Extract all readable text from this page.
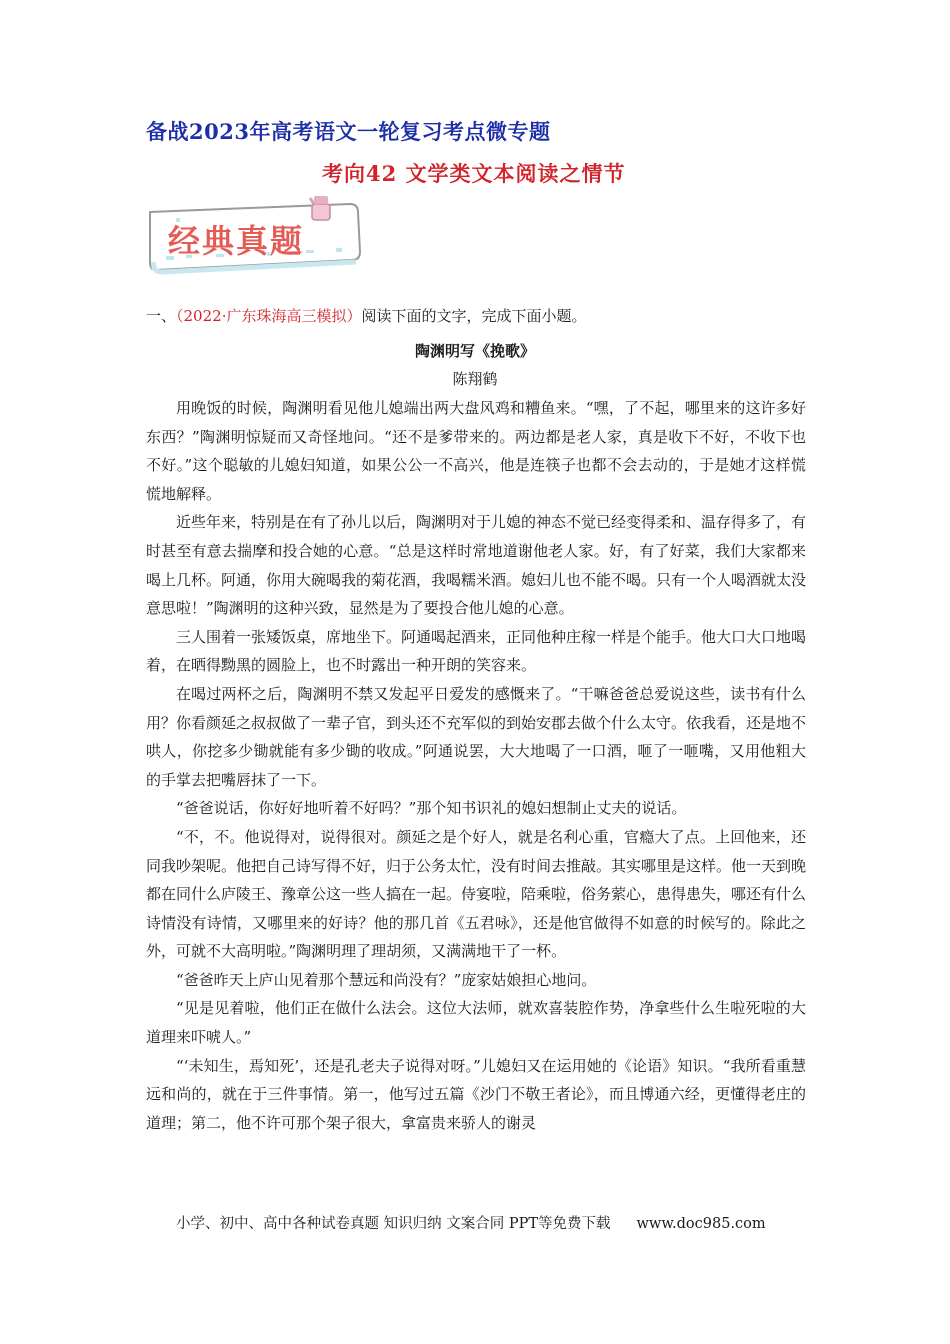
备战2023年高考语文一轮复习考点微专题
考向42 文学类文本阅读之情节
经典真题
一、（2022·广东珠海高三模拟）阅读下面的文字，完成下面小题。
陶渊明写《挽歌》
陈翔鹤

用晚饭的时候，陶渊明看见他儿媳端出两大盘风鸡和糟鱼来。“嘿，了不起，哪里来的这许多好东西？”陶渊明惊疑而又奇怪地问。“还不是爹带来的。两边都是老人家，真是收下不好，不收下也不好。”这个聪敏的儿媳妇知道，如果公公一不高兴，他是连筷子也都不会去动的，于是她才这样慌慌地解释。

近些年来，特别是在有了孙儿以后，陶渊明对于儿媳的神态不觉已经变得柔和、温存得多了，有时甚至有意去揣摩和投合她的心意。“总是这样时常地道谢他老人家。好，有了好菜，我们大家都来喝上几杯。阿通，你用大碗喝我的菊花酒，我喝糯米酒。媳妇儿也不能不喝。只有一个人喝酒就太没意思啦！”陶渊明的这种兴致，显然是为了要投合他儿媳的心意。

三人围着一张矮饭桌，席地坐下。阿通喝起酒来，正同他种庄稼一样是个能手。他大口大口地喝着，在晒得黝黑的圆脸上，也不时露出一种开朗的笑容来。

在喝过两杯之后，陶渊明不禁又发起平日爱发的感慨来了。“干嘛爸爸总爱说这些，读书有什么用？你看颜延之叔叔做了一辈子官，到头还不充军似的到始安郡去做个什么太守。依我看，还是地不哄人，你挖多少锄就能有多少锄的收成。”阿通说罢，大大地喝了一口酒，咂了一咂嘴，又用他粗大的手掌去把嘴唇抹了一下。

“爸爸说话，你好好地听着不好吗？”那个知书识礼的媳妇想制止丈夫的说话。

“不，不。他说得对，说得很对。颜延之是个好人，就是名利心重，官瘾大了点。上回他来，还同我吵架呢。他把自己诗写得不好，归于公务太忙，没有时间去推敲。其实哪里是这样。他一天到晚都在同什么庐陵王、豫章公这一些人搞在一起。侍宴啦，陪乘啦，俗务萦心，患得患失，哪还有什么诗情没有诗情，又哪里来的好诗？他的那几首《五君咏》，还是他官做得不如意的时候写的。除此之外，可就不大高明啦。”陶渊明理了理胡须，又满满地干了一杯。

“爸爸昨天上庐山见着那个慧远和尚没有？”庞家姑娘担心地问。

“见是见着啦，他们正在做什么法会。这位大法师，就欢喜装腔作势，净拿些什么生啦死啦的大道理来吓唬人。”

“‘未知生，焉知死’，还是孔老夫子说得对呀。”儿媳妇又在运用她的《论语》知识。“我所看重慧远和尚的，就在于三件事情。第一，他写过五篇《沙门不敬王者论》，而且博通六经，更懂得老庄的道理；第二，他不许可那个架子很大，拿富贵来骄人的谢灵

小学、初中、高中各种试卷真题 知识归纳 文案合同 PPT等免费下载 www.doc985.com
